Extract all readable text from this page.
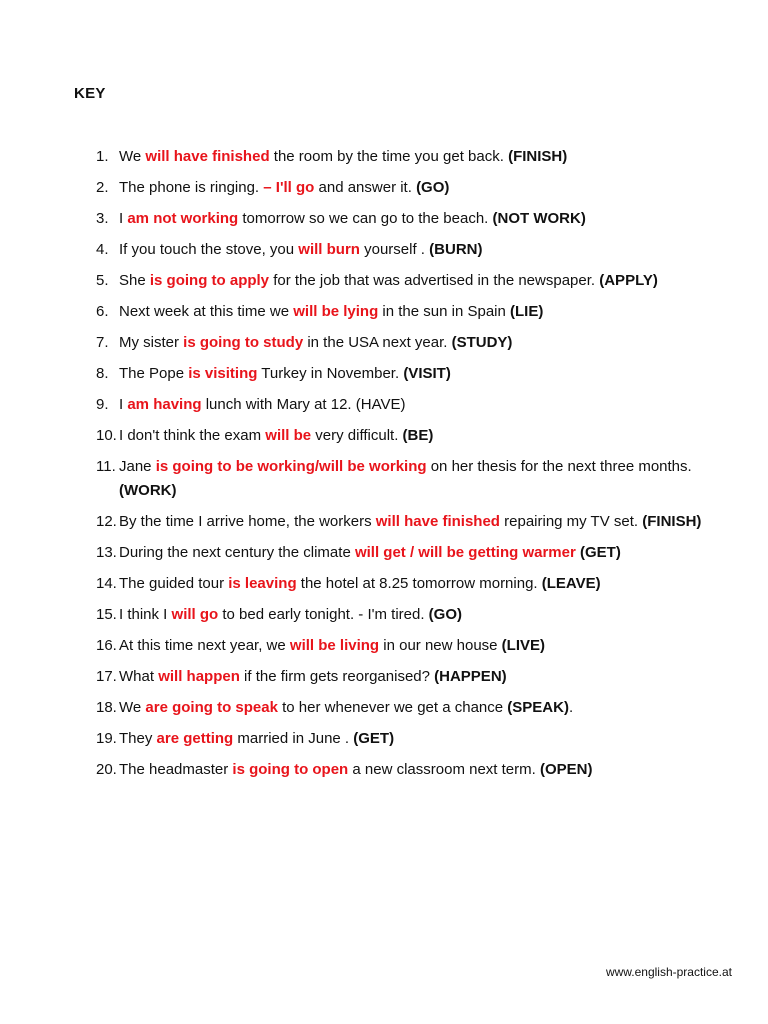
KEY
1. We will have finished the room by the time you get back. (FINISH)
2. The phone is ringing. – I'll go and answer it. (GO)
3. I am not working tomorrow so we can go to the beach. (NOT WORK)
4. If you touch the stove, you will burn yourself . (BURN)
5. She is going to apply for the job that was advertised in the newspaper. (APPLY)
6. Next week at this time we will be lying in the sun in Spain (LIE)
7. My sister is going to study in the USA next year. (STUDY)
8. The Pope is visiting Turkey in November. (VISIT)
9. I am having lunch with Mary at 12. (HAVE)
10. I don't think the exam will be very difficult. (BE)
11. Jane is going to be working/will be working on her thesis for the next three months. (WORK)
12. By the time I arrive home, the workers will have finished repairing my TV set. (FINISH)
13. During the next century the climate will get / will be getting warmer (GET)
14. The guided tour is leaving the hotel at 8.25 tomorrow morning. (LEAVE)
15. I think I will go to bed early tonight. - I'm tired. (GO)
16. At this time next year, we will be living in our new house (LIVE)
17. What will happen if the firm gets reorganised? (HAPPEN)
18. We are going to speak to her whenever we get a chance (SPEAK).
19. They are getting married in June . (GET)
20. The headmaster is going to open a new classroom next term. (OPEN)
www.english-practice.at
